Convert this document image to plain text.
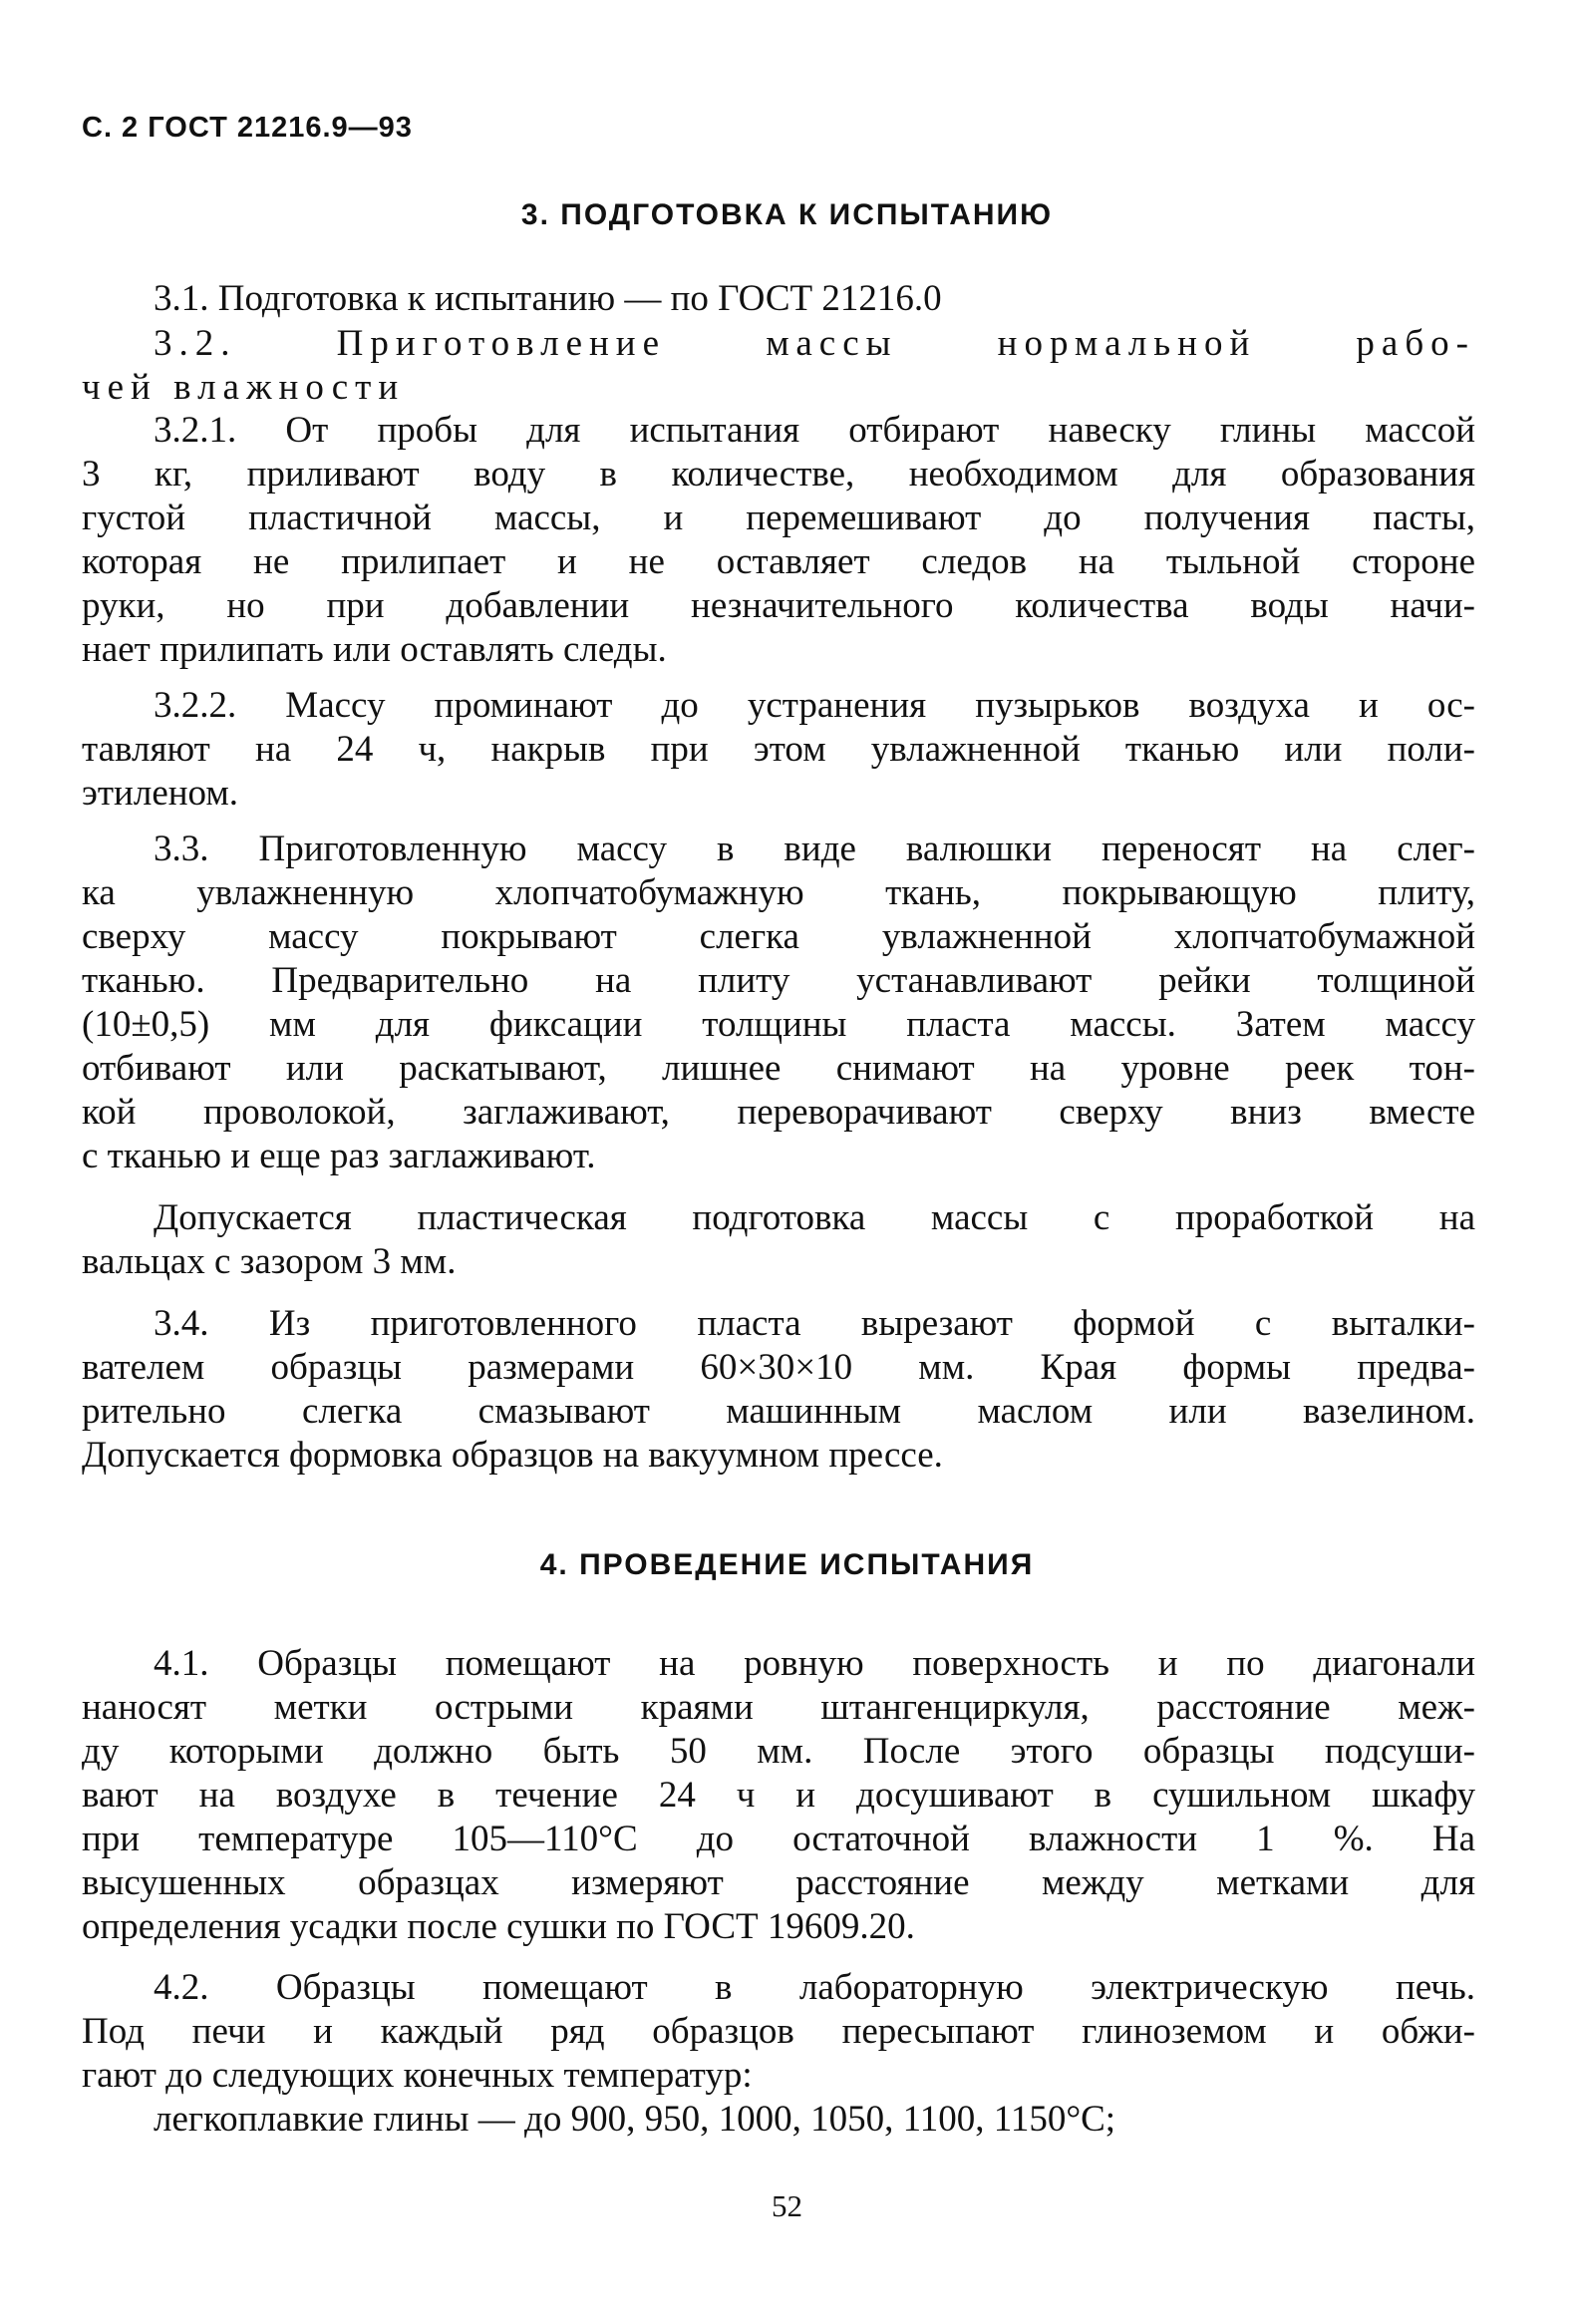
С. 2 ГОСТ 21216.9—93
3. ПОДГОТОВКА К ИСПЫТАНИЮ
3.1. Подготовка к испытанию — по ГОСТ 21216.0
3.2. Приготовление массы нормальной рабо-
чей влажности
3.2.1. От пробы для испытания отбирают навеску глины массой
3 кг, приливают воду в количестве, необходимом для образования
густой пластичной массы, и перемешивают до получения пасты,
которая не прилипает и не оставляет следов на тыльной стороне
руки, но при добавлении незначительного количества воды начи-
нает прилипать или оставлять следы.
3.2.2. Массу проминают до устранения пузырьков воздуха и ос-
тавляют на 24 ч, накрыв при этом увлажненной тканью или поли-
этиленом.
3.3. Приготовленную массу в виде валюшки переносят на слег-
ка увлажненную хлопчатобумажную ткань, покрывающую плиту,
сверху массу покрывают слегка увлажненной хлопчатобумажной
тканью. Предварительно на плиту устанавливают рейки толщиной
(10±0,5) мм для фиксации толщины пласта массы. Затем массу
отбивают или раскатывают, лишнее снимают на уровне реек тон-
кой проволокой, заглаживают, переворачивают сверху вниз вместе
с тканью и еще раз заглаживают.
Допускается пластическая подготовка массы с проработкой на
вальцах с зазором 3 мм.
3.4. Из приготовленного пласта вырезают формой с выталки-
вателем образцы размерами 60×30×10 мм. Края формы предва-
рительно слегка смазывают машинным маслом или вазелином.
Допускается формовка образцов на вакуумном прессе.
4. ПРОВЕДЕНИЕ ИСПЫТАНИЯ
4.1. Образцы помещают на ровную поверхность и по диагонали
наносят метки острыми краями штангенциркуля, расстояние меж-
ду которыми должно быть 50 мм. После этого образцы подсуши-
вают на воздухе в течение 24 ч и досушивают в сушильном шкафу
при температуре 105—110°С до остаточной влажности 1 %. На
высушенных образцах измеряют расстояние между метками для
определения усадки после сушки по ГОСТ 19609.20.
4.2. Образцы помещают в лабораторную электрическую печь.
Под печи и каждый ряд образцов пересыпают глиноземом и обжи-
гают до следующих конечных температур:
легкоплавкие глины — до 900, 950, 1000, 1050, 1100, 1150°С;
52
